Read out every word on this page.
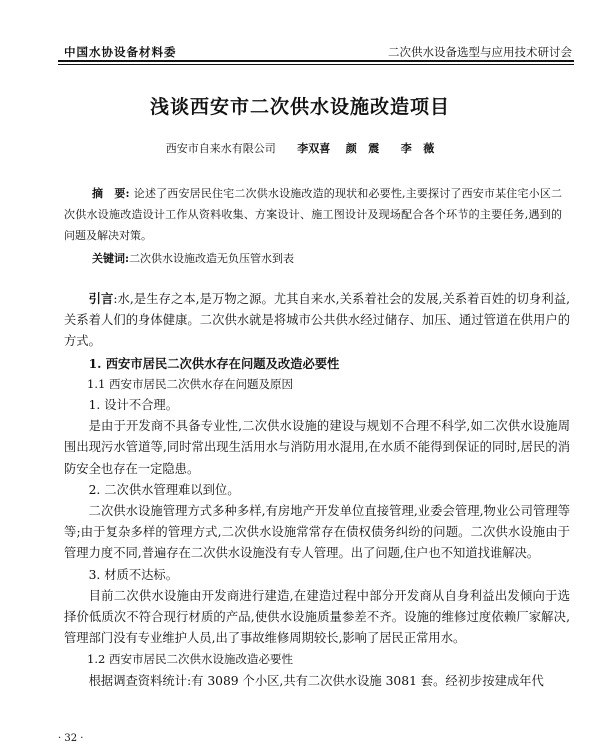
中国水协设备材料委	二次供水设备选型与应用技术研讨会
浅谈西安市二次供水设施改造项目
西安市自来水有限公司 李双喜 颜 震 李 薇
摘　要: 论述了西安居民住宅二次供水设施改造的现状和必要性,主要探讨了西安市某住宅小区二次供水设施改造设计工作从资料收集、方案设计、施工图设计及现场配合各个环节的主要任务,遇到的问题及解决对策。
关键词:二次供水设施改造无负压管水到表

引言:水,是生存之本,是万物之源。尤其自来水,关系着社会的发展,关系着百姓的切身利益,关系着人们的身体健康。二次供水就是将城市公共供水经过储存、加压、通过管道在供用户的方式。

1. 西安市居民二次供水存在问题及改造必要性

1.1 西安市居民二次供水存在问题及原因

1. 设计不合理。

是由于开发商不具备专业性,二次供水设施的建设与规划不合理不科学,如二次供水设施周围出现污水管道等,同时常出现生活用水与消防用水混用,在水质不能得到保证的同时,居民的消防安全也存在一定隐患。

2. 二次供水管理难以到位。

二次供水设施管理方式多种多样,有房地产开发单位直接管理,业委会管理,物业公司管理等等;由于复杂多样的管理方式,二次供水设施常常存在债权债务纠纷的问题。二次供水设施由于管理力度不同,普遍存在二次供水设施没有专人管理。出了问题,住户也不知道找谁解决。

3. 材质不达标。

目前二次供水设施由开发商进行建造,在建造过程中部分开发商从自身利益出发倾向于选择价低质次不符合现行材质的产品,使供水设施质量参差不齐。设施的维修过度依赖厂家解决,管理部门没有专业维护人员,出了事故维修周期较长,影响了居民正常用水。

1.2 西安市居民二次供水设施改造必要性

根据调查资料统计:有 3089 个小区,共有二次供水设施 3081 套。经初步按建成年代

· 32 ·
